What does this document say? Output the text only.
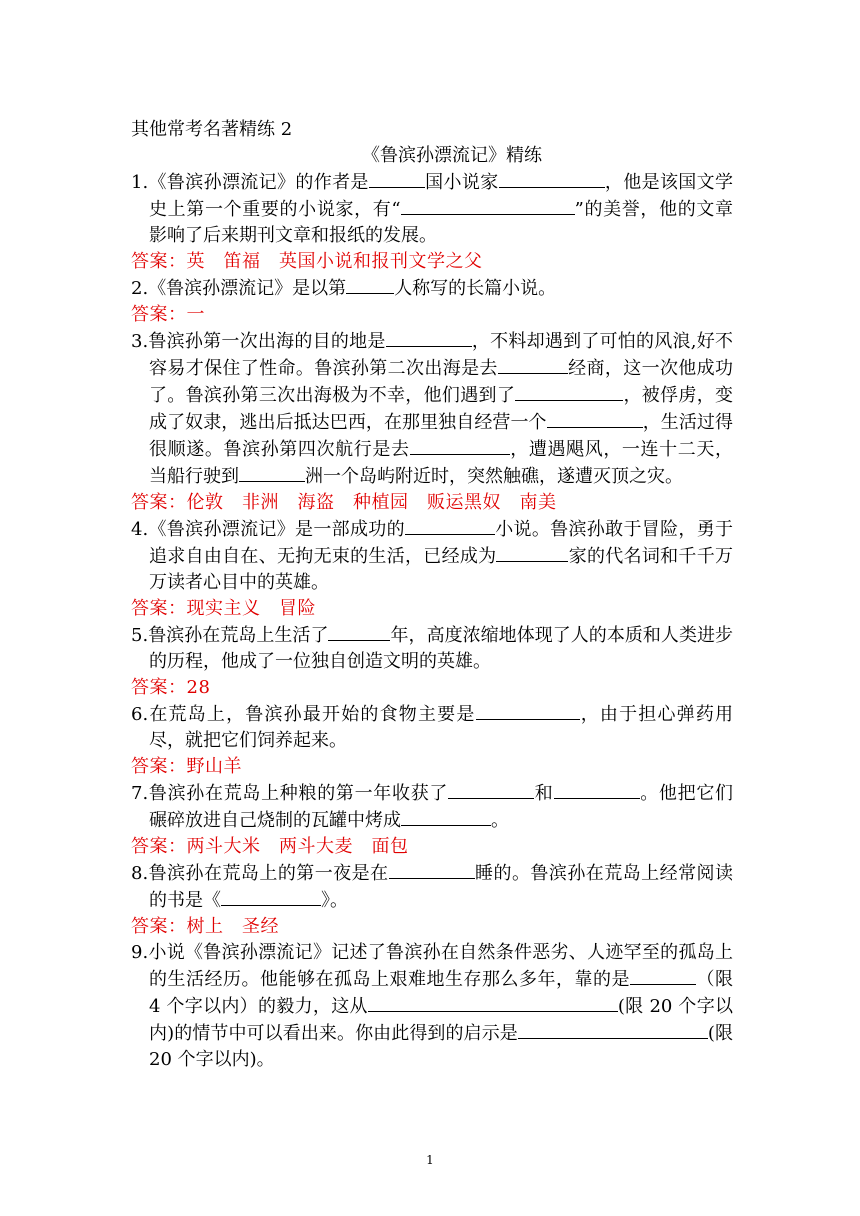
其他常考名著精练 2
《鲁滨孙漂流记》精练
1.《鲁滨孙漂流记》的作者是	国小说家	，他是该国文学史上第一个重要的小说家，有“	”的美誉，他的文章影响了后来期刊文章和报纸的发展。
答案：英　笛福　英国小说和报刊文学之父
2.《鲁滨孙漂流记》是以第	人称写的长篇小说。
答案：一
3.鲁滨孙第一次出海的目的地是	，不料却遇到了可怕的风浪,好不容易才保住了性命。鲁滨孙第二次出海是去	经商，这一次他成功了。鲁滨孙第三次出海极为不幸，他们遇到了	，被俘虏，变成了奴隶，逃出后抵达巴西，在那里独自经营一个	，生活过得很顺遂。鲁滨孙第四次航行是去	，遭遇飓风，一连十二天，当船行驶到	洲一个岛屿附近时，突然触礁，遂遭灭顶之灾。
答案：伦敦　非洲　海盗　种植园　贩运黑奴　南美
4.《鲁滨孙漂流记》是一部成功的	小说。鲁滨孙敢于冒险，勇于追求自由自在、无拘无束的生活，已经成为	家的代名词和千千万万读者心目中的英雄。
答案：现实主义　冒险
5.鲁滨孙在荒岛上生活了	年，高度浓缩地体现了人的本质和人类进步的历程，他成了一位独自创造文明的英雄。
答案：28
6.在荒岛上，鲁滨孙最开始的食物主要是	，由于担心弹药用尽，就把它们饲养起来。
答案：野山羊
7.鲁滨孙在荒岛上种粮的第一年收获了	和	。他把它们碾碎放进自己烧制的瓦罐中烤成	。
答案：两斗大米　两斗大麦　面包
8.鲁滨孙在荒岛上的第一夜是在	睡的。鲁滨孙在荒岛上经常阅读的书是《	》。
答案：树上　圣经
9.小说《鲁滨孙漂流记》记述了鲁滨孙在自然条件恶劣、人迹罕至的孤岛上的生活经历。他能够在孤岛上艰难地生存那么多年，靠的是	（限 4 个字以内）的毅力，这从	(限 20 个字以内)的情节中可以看出来。你由此得到的启示是	(限 20 个字以内)。
1
